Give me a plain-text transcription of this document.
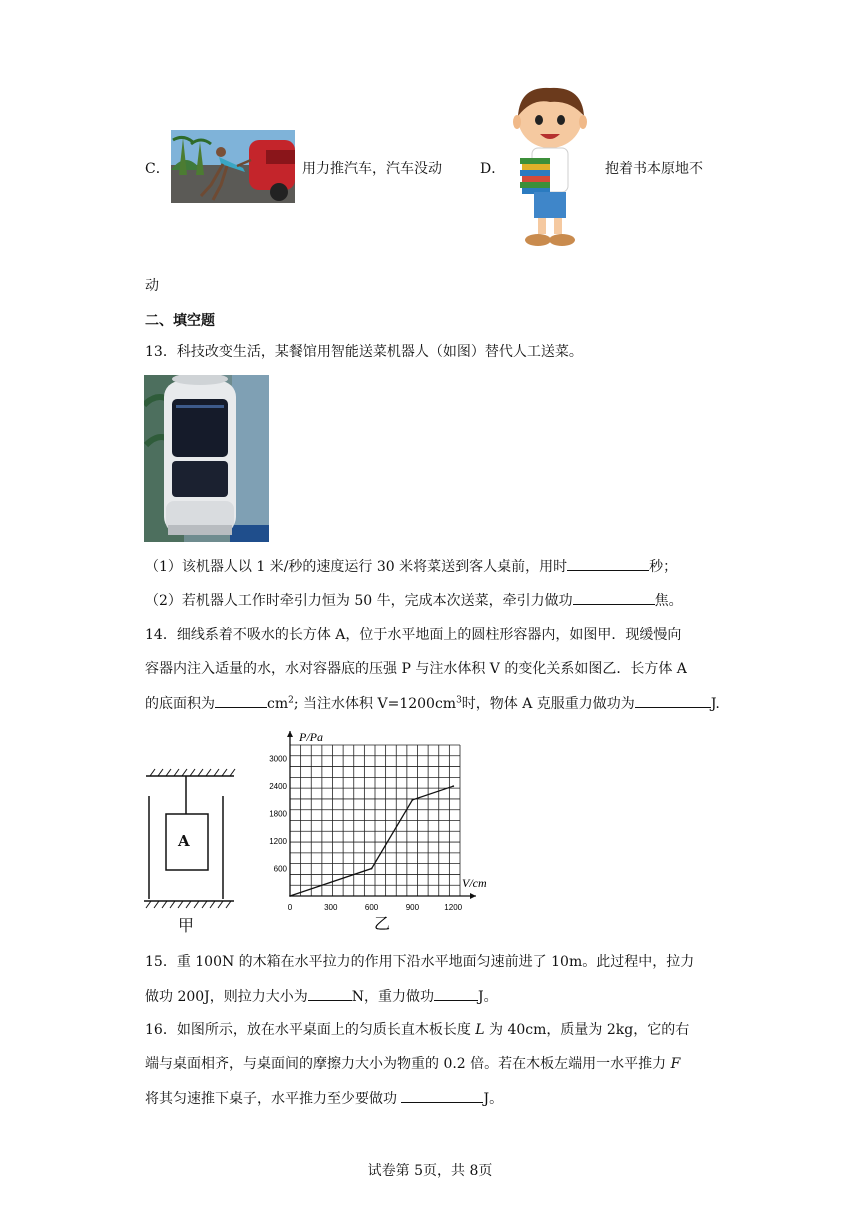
C．	用力推汽车，汽车没动	D．	抱着书本原地不
动
二、填空题
13．科技改变生活，某餐馆用智能送菜机器人（如图）替代人工送菜。
（1）该机器人以 1 米/秒的速度运行 30 米将菜送到客人桌前，用时	秒；
（2）若机器人工作时牵引力恒为 50 牛，完成本次送菜，牵引力做功	焦。
14．细线系着不吸水的长方体 A，位于水平地面上的圆柱形容器内，如图甲．现缓慢向
容器内注入适量的水，水对容器底的压强 P 与注水体积 V 的变化关系如图乙．长方体 A
的底面积为	$cm^2$; 当注水体积 $V=1200cm^3$时，物体 A 克服重力做功为	J.
A
甲
P/Pa
V/cm
600
1200
1800
2400
3000
0	300	600	900	1200
乙
15．重 100N 的木箱在水平拉力的作用下沿水平地面匀速前进了 10m。此过程中，拉力
做功 200J，则拉力大小为	N，重力做功	J。
16．如图所示，放在水平桌面上的匀质长直木板长度 L 为 40cm，质量为 2kg，它的右
端与桌面相齐，与桌面间的摩擦力大小为物重的 0.2 倍。若在木板左端用一水平推力 F
将其匀速推下桌子，水平推力至少要做功	J。
试卷第 5页，共 8页
